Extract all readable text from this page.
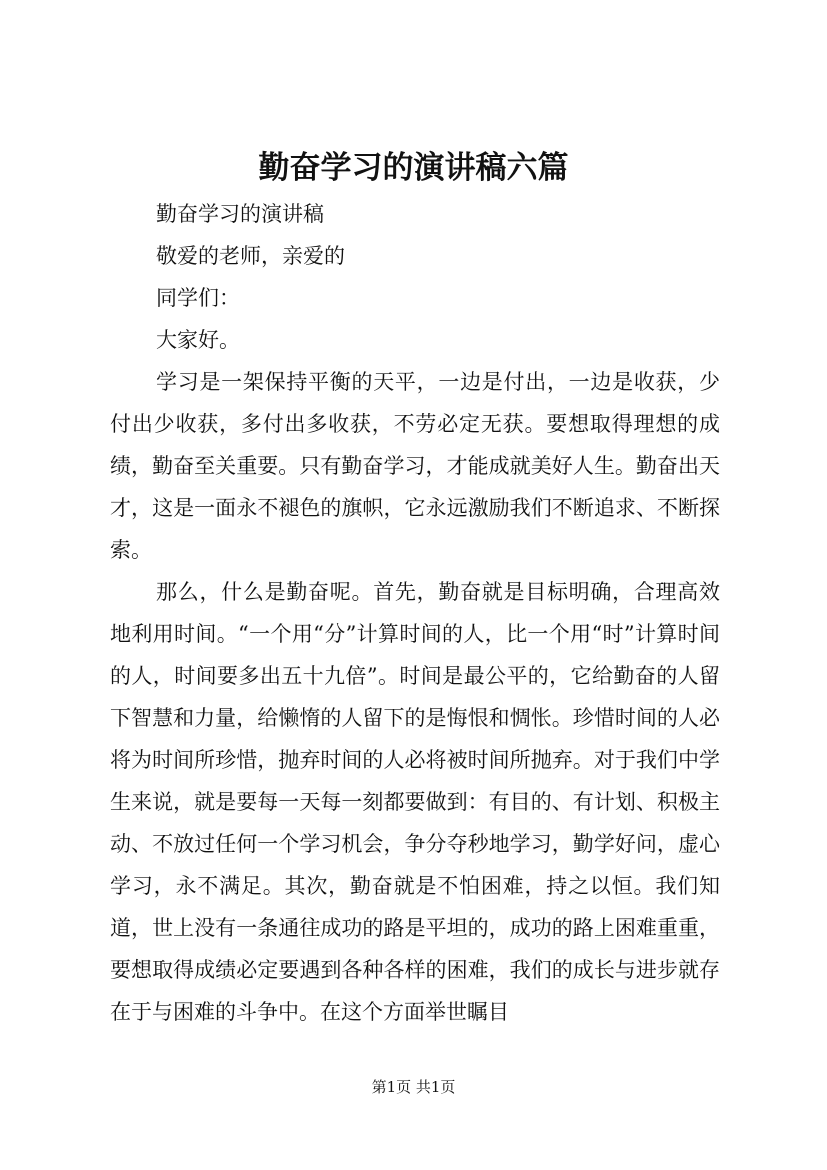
勤奋学习的演讲稿六篇

勤奋学习的演讲稿

敬爱的老师，亲爱的

同学们：

大家好。

学习是一架保持平衡的天平，一边是付出，一边是收获，少付出少收获，多付出多收获，不劳必定无获。要想取得理想的成绩，勤奋至关重要。只有勤奋学习，才能成就美好人生。勤奋出天才，这是一面永不褪色的旗帜，它永远激励我们不断追求、不断探索。

那么，什么是勤奋呢。首先，勤奋就是目标明确，合理高效地利用时间。“一个用“分”计算时间的人，比一个用“时”计算时间的人，时间要多出五十九倍”。时间是最公平的，它给勤奋的人留下智慧和力量，给懒惰的人留下的是悔恨和惆怅。珍惜时间的人必将为时间所珍惜，抛弃时间的人必将被时间所抛弃。对于我们中学生来说，就是要每一天每一刻都要做到：有目的、有计划、积极主动、不放过任何一个学习机会，争分夺秒地学习，勤学好问，虚心学习，永不满足。其次，勤奋就是不怕困难，持之以恒。我们知道，世上没有一条通往成功的路是平坦的，成功的路上困难重重，要想取得成绩必定要遇到各种各样的困难，我们的成长与进步就存在于与困难的斗争中。在这个方面举世瞩目

第1页 共1页
